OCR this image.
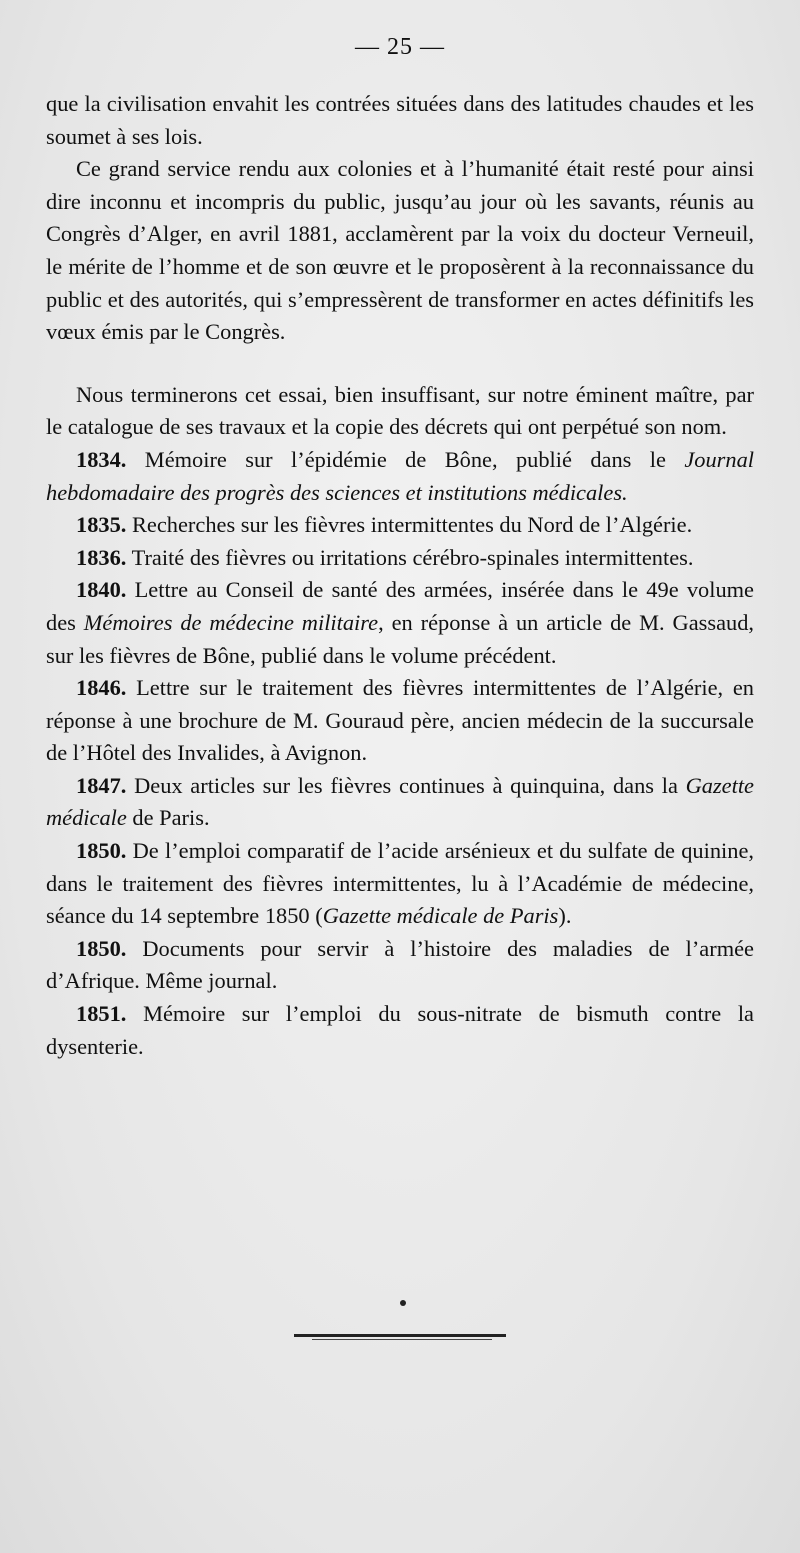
— 25 —

que la civilisation envahit les contrées situées dans des latitudes chaudes et les soumet à ses lois.

Ce grand service rendu aux colonies et à l’humanité était resté pour ainsi dire inconnu et incompris du public, jusqu’au jour où les savants, réunis au Congrès d’Alger, en avril 1881, acclamèrent par la voix du docteur Verneuil, le mérite de l’homme et de son œuvre et le proposèrent à la reconnaissance du public et des autorités, qui s’empressèrent de transformer en actes définitifs les vœux émis par le Congrès.

Nous terminerons cet essai, bien insuffisant, sur notre éminent maître, par le catalogue de ses travaux et la copie des décrets qui ont perpétué son nom.

1834. Mémoire sur l’épidémie de Bône, publié dans le Journal hebdomadaire des progrès des sciences et institutions médicales.

1835. Recherches sur les fièvres intermittentes du Nord de l’Algérie.

1836. Traité des fièvres ou irritations cérébro-spinales intermittentes.

1840. Lettre au Conseil de santé des armées, insérée dans le 49e volume des Mémoires de médecine militaire, en réponse à un article de M. Gassaud, sur les fièvres de Bône, publié dans le volume précédent.

1846. Lettre sur le traitement des fièvres intermittentes de l’Algérie, en réponse à une brochure de M. Gouraud père, ancien médecin de la succursale de l’Hôtel des Invalides, à Avignon.

1847. Deux articles sur les fièvres continues à quinquina, dans la Gazette médicale de Paris.

1850. De l’emploi comparatif de l’acide arsénieux et du sulfate de quinine, dans le traitement des fièvres intermittentes, lu à l’Académie de médecine, séance du 14 septembre 1850 (Gazette médicale de Paris).

1850. Documents pour servir à l’histoire des maladies de l’armée d’Afrique. Même journal.

1851. Mémoire sur l’emploi du sous-nitrate de bismuth contre la dysenterie.
